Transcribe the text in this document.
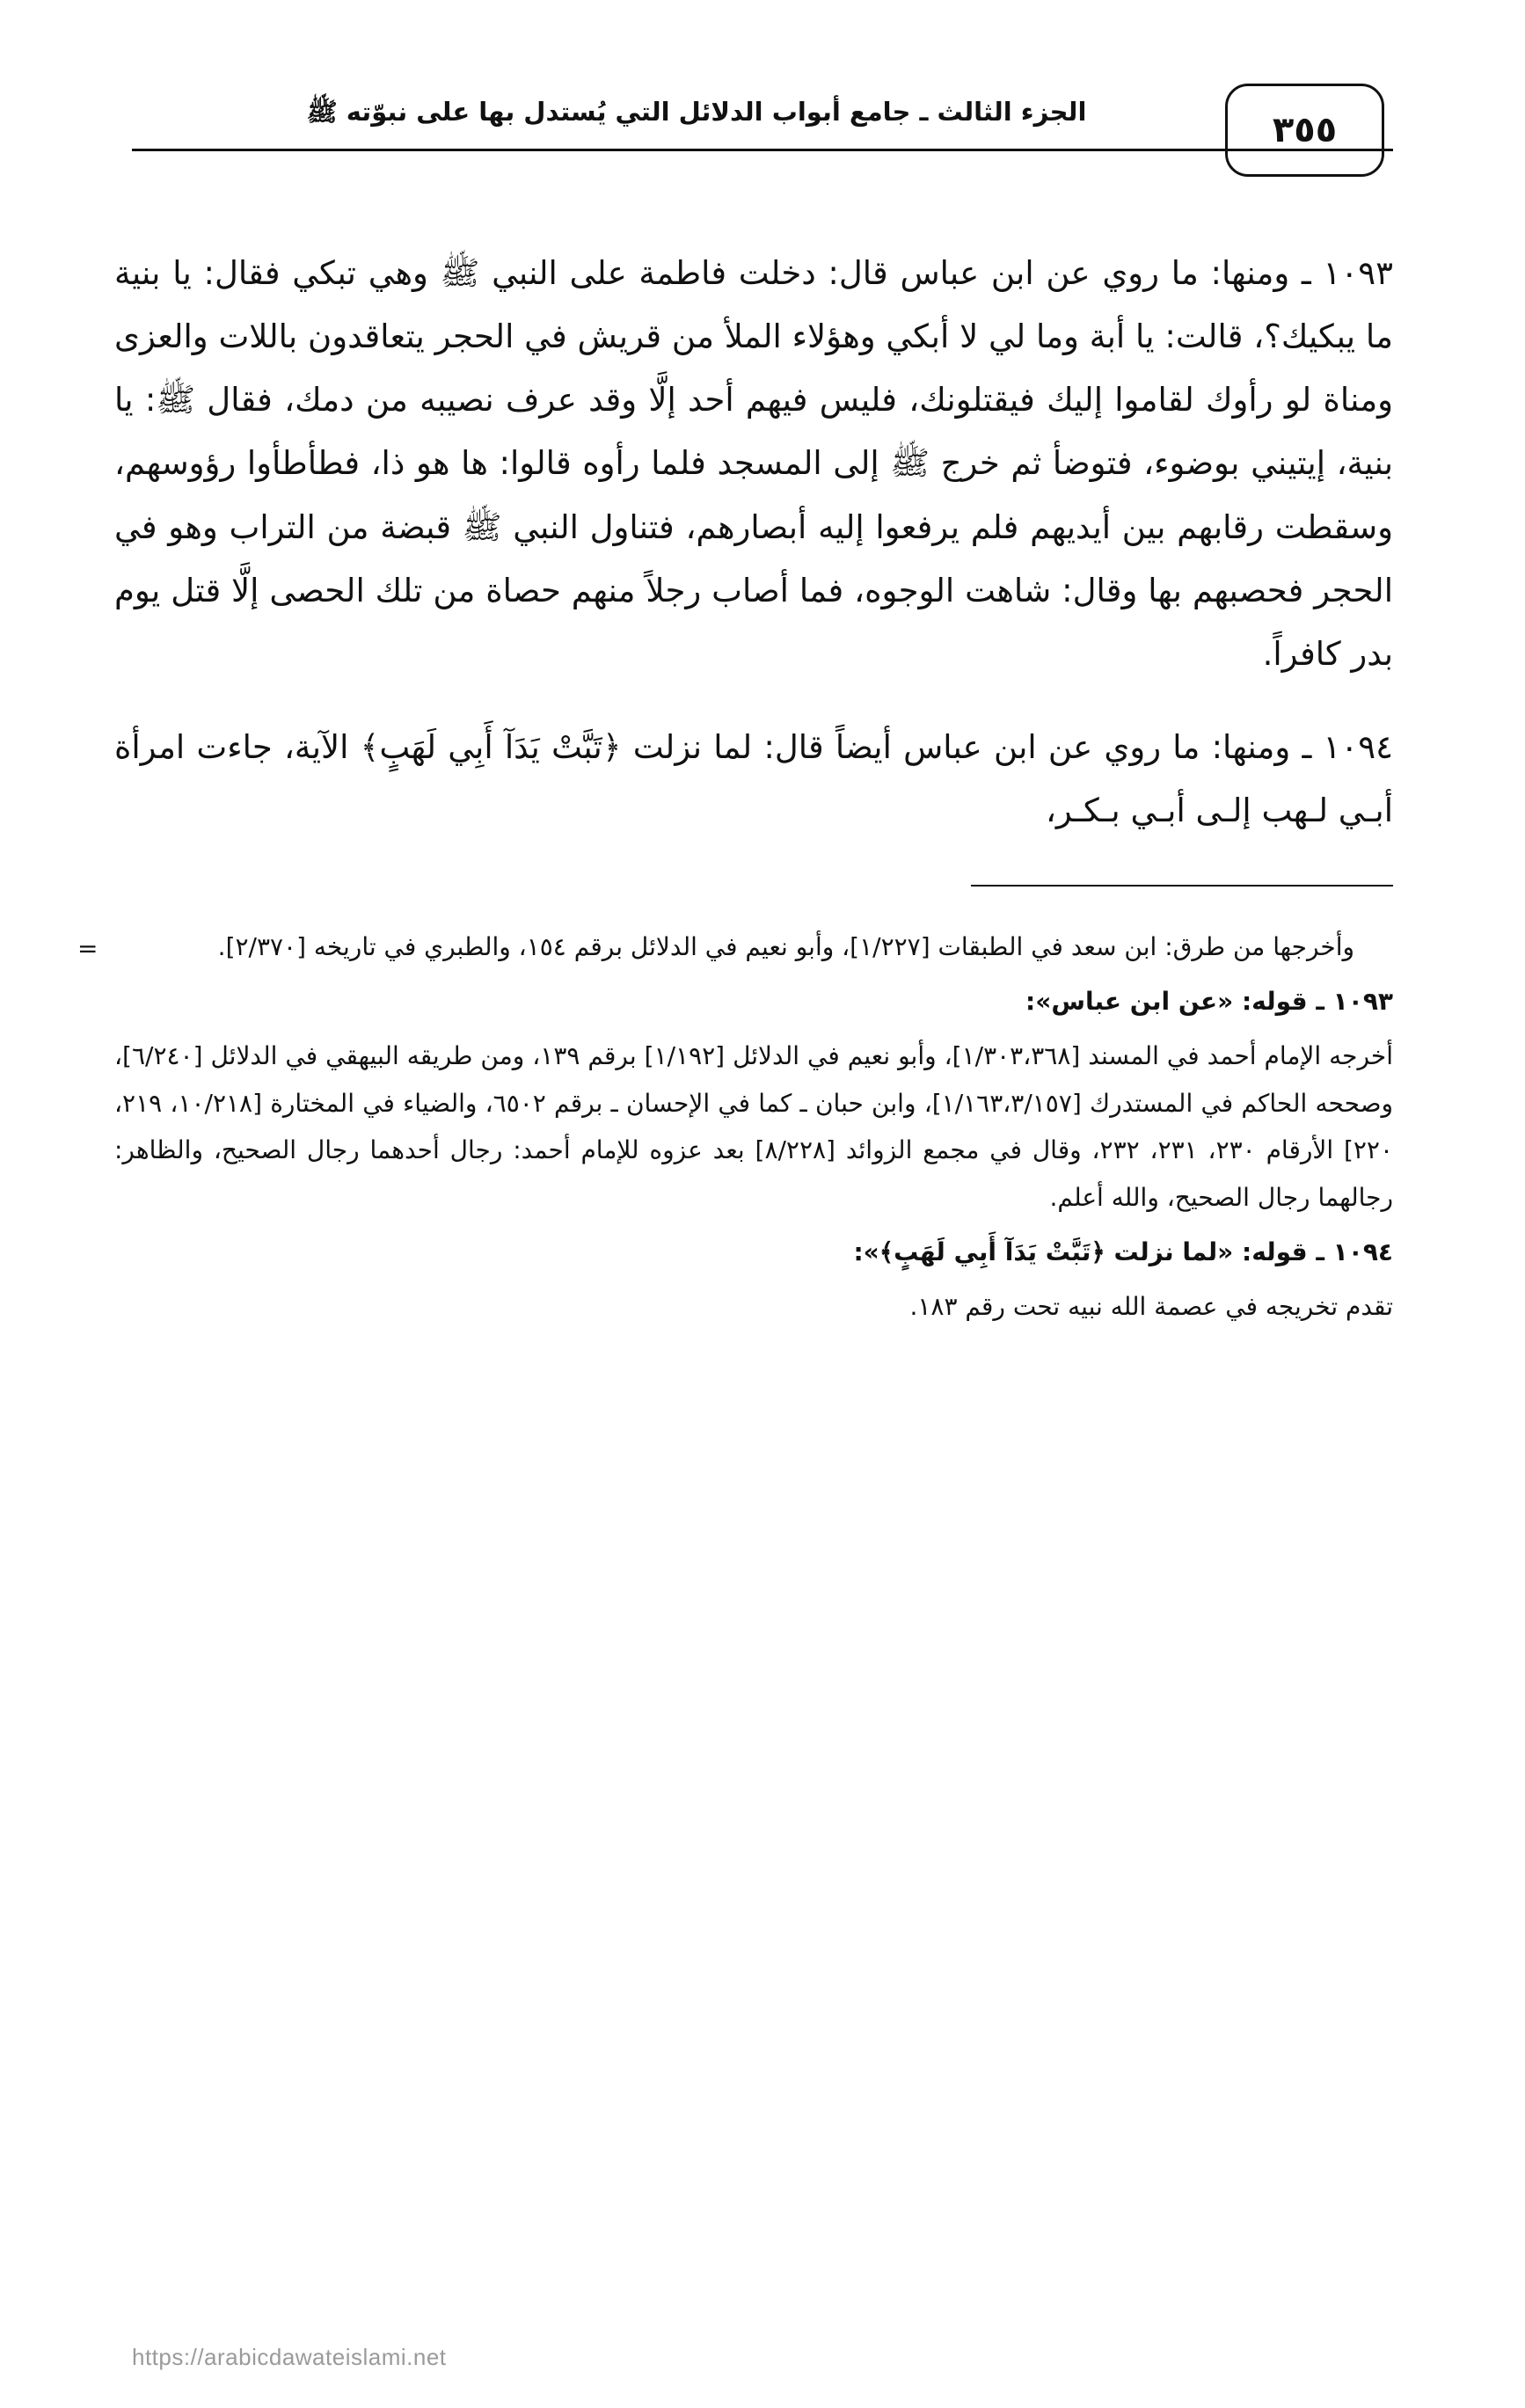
الجزء الثالث ـ جامع أبواب الدلائل التي يُستدل بها على نبوّته ﷺ	٣٥٥

١٠٩٣ ـ ومنها: ما روي عن ابن عباس قال: دخلت فاطمة على النبي ﷺ وهي تبكي فقال: يا بنية ما يبكيك؟، قالت: يا أبة وما لي لا أبكي وهؤلاء الملأ من قريش في الحجر يتعاقدون باللات والعزى ومناة لو رأوك لقاموا إليك فيقتلونك، فليس فيهم أحد إلَّا وقد عرف نصيبه من دمك، فقال ﷺ: يا بنية، إيتيني بوضوء، فتوضأ ثم خرج ﷺ إلى المسجد فلما رأوه قالوا: ها هو ذا، فطأطأوا رؤوسهم، وسقطت رقابهم بين أيديهم فلم يرفعوا إليه أبصارهم، فتناول النبي ﷺ قبضة من التراب وهو في الحجر فحصبهم بها وقال: شاهت الوجوه، فما أصاب رجلاً منهم حصاة من تلك الحصى إلَّا قتل يوم بدر كافراً.

١٠٩٤ ـ ومنها: ما روي عن ابن عباس أيضاً قال: لما نزلت ﴿تَبَّتْ يَدَآ أَبِي لَهَبٍ﴾ الآية، جاءت امرأة أبـي لـهب إلـى أبـي بـكـر،

=	وأخرجها من طرق: ابن سعد في الطبقات [١/٢٢٧]، وأبو نعيم في الدلائل برقم ١٥٤، والطبري في تاريخه [٢/٣٧٠].

١٠٩٣ ـ قوله: «عن ابن عباس»:

أخرجه الإمام أحمد في المسند [١/٣٠٣،٣٦٨]، وأبو نعيم في الدلائل [١/١٩٢] برقم ١٣٩، ومن طريقه البيهقي في الدلائل [٦/٢٤٠]، وصححه الحاكم في المستدرك [١/١٦٣،٣/١٥٧]، وابن حبان ـ كما في الإحسان ـ برقم ٦٥٠٢، والضياء في المختارة [١٠/٢١٨، ٢١٩، ٢٢٠] الأرقام ٢٣٠، ٢٣١، ٢٣٢، وقال في مجمع الزوائد [٨/٢٢٨] بعد عزوه للإمام أحمد: رجال أحدهما رجال الصحيح، والظاهر: رجالهما رجال الصحيح، والله أعلم.

١٠٩٤ ـ قوله: «لما نزلت ﴿تَبَّتْ يَدَآ أَبِي لَهَبٍ﴾»:

تقدم تخريجه في عصمة الله نبيه تحت رقم ١٨٣.

https://arabicdawateislami.net
